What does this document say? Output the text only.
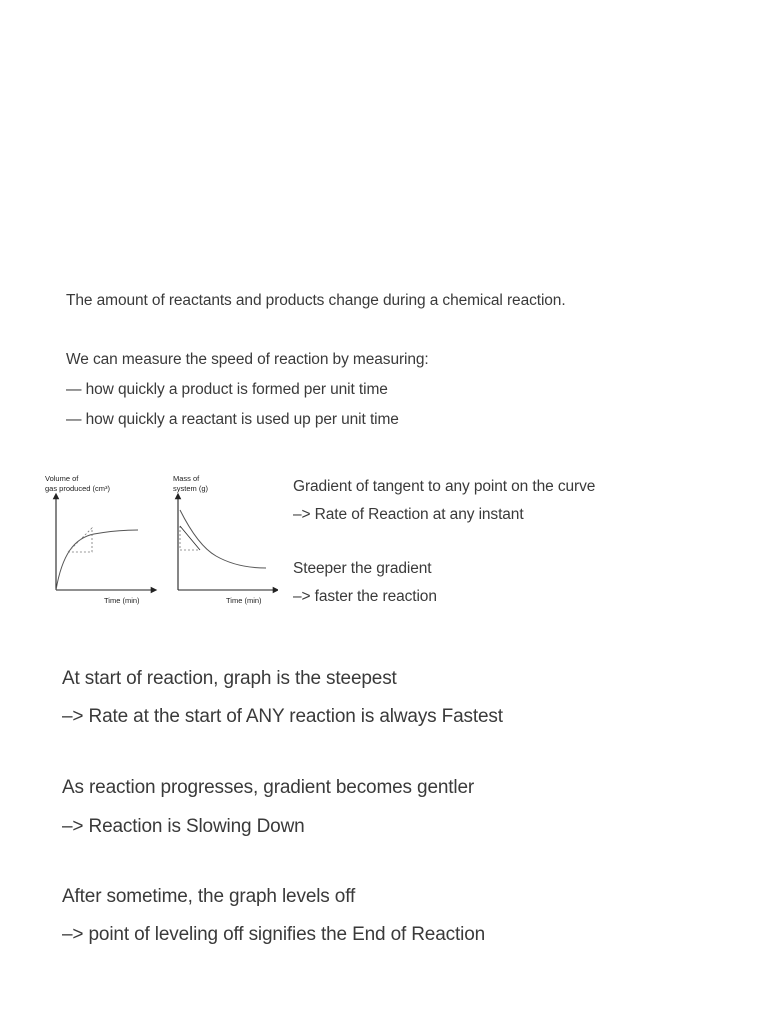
The amount of reactants and products change during a chemical reaction.
We can measure the speed of reaction by measuring:
— how quickly a product is formed per unit time
— how quickly a reactant is used up per unit time
Volume of
gas produced (cm³)
Time (min)
Mass of
system (g)
Time (min)
Gradient of tangent to any point on the curve
–> Rate of Reaction at any instant
Steeper the gradient
–> faster the reaction
At start of reaction, graph is the steepest
–> Rate at the start of ANY reaction is always Fastest
As reaction progresses, gradient becomes gentler
–> Reaction is Slowing Down
After sometime, the graph levels off
–> point of leveling off signifies the End of Reaction
